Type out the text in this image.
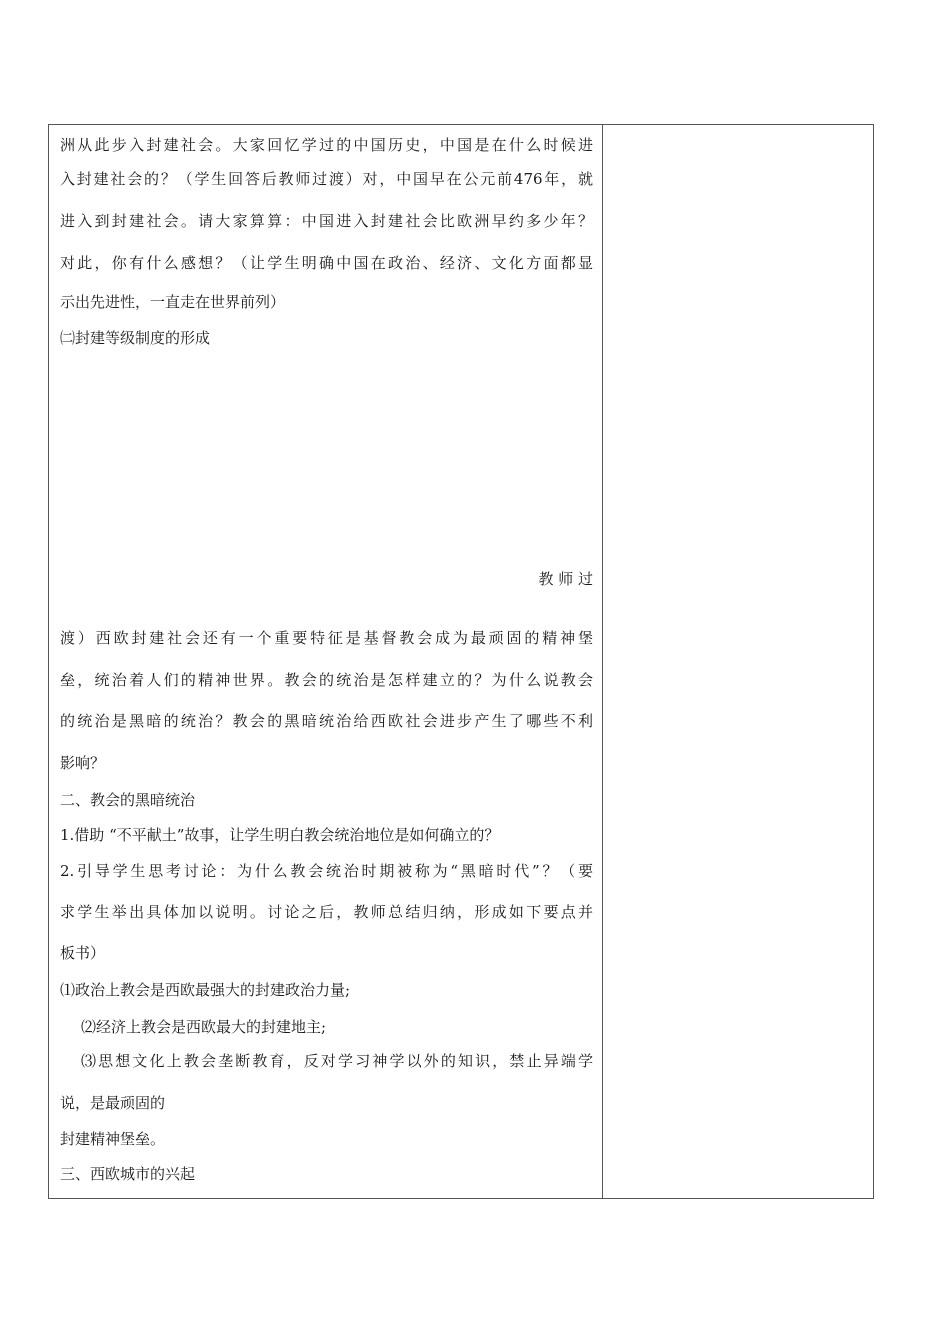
洲从此步入封建社会。大家回忆学过的中国历史，中国是在什么时候进
入封建社会的？（学生回答后教师过渡）对，中国早在公元前476年，就
进入到封建社会。请大家算算：中国进入封建社会比欧洲早约多少年？
对此，你有什么感想？（让学生明确中国在政治、经济、文化方面都显
示出先进性，一直走在世界前列）
㈡封建等级制度的形成
教 师 过
渡）西欧封建社会还有一个重要特征是基督教会成为最顽固的精神堡
垒，统治着人们的精神世界。教会的统治是怎样建立的？为什么说教会
的统治是黑暗的统治？教会的黑暗统治给西欧社会进步产生了哪些不利
影响？
二、教会的黑暗统治
1.借助 “不平献土”故事，让学生明白教会统治地位是如何确立的？
2.引导学生思考讨论：为什么教会统治时期被称为“黑暗时代”？（要
求学生举出具体加以说明。讨论之后，教师总结归纳，形成如下要点并
板书）
⑴政治上教会是西欧最强大的封建政治力量;
⑵经济上教会是西欧最大的封建地主;
⑶思想文化上教会垄断教育，反对学习神学以外的知识，禁止异端学
说，是最顽固的
封建精神堡垒。
三、西欧城市的兴起
